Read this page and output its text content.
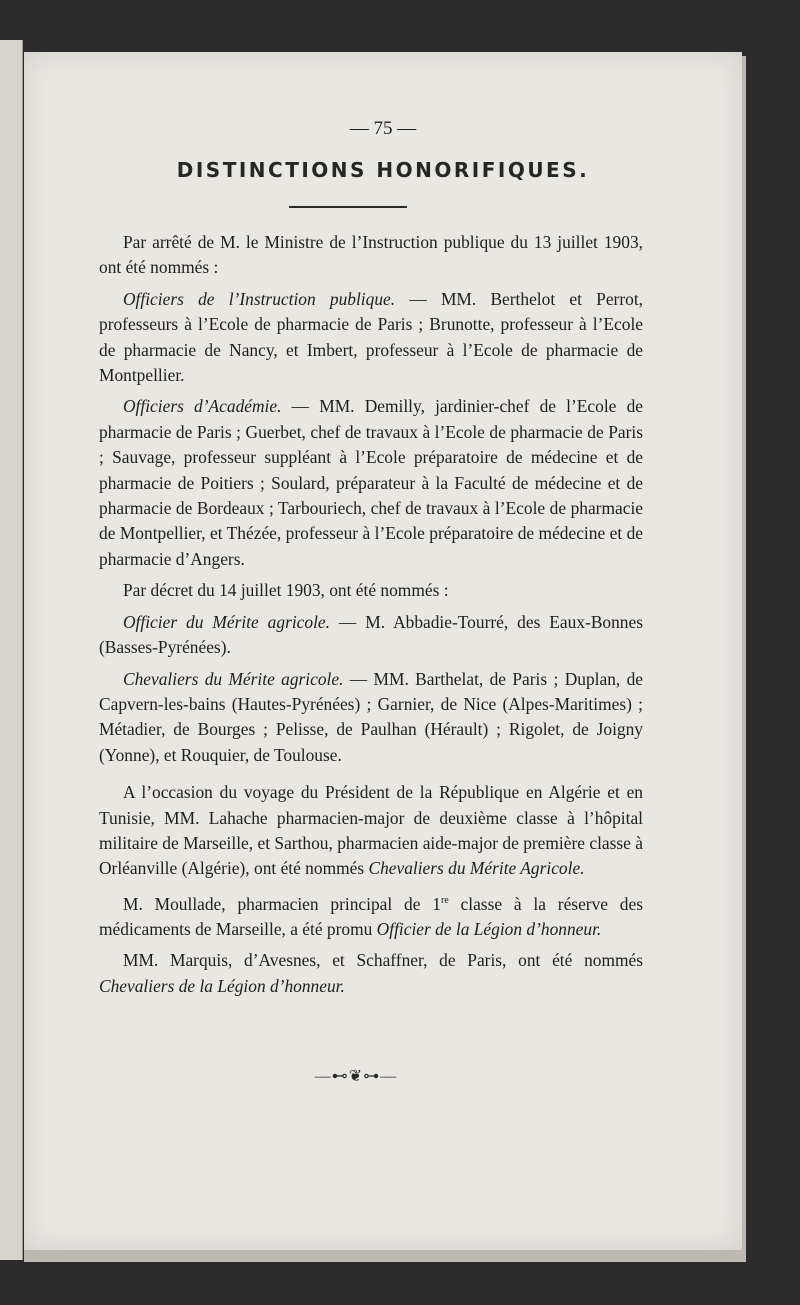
— 75 —
DISTINCTIONS HONORIFIQUES.

Par arrêté de M. le Ministre de l’Instruction publique du 13 juillet 1903, ont été nommés :

Officiers de l’Instruction publique. — MM. Berthelot et Perrot, professeurs à l’Ecole de pharmacie de Paris ; Brunotte, professeur à l’Ecole de pharmacie de Nancy, et Imbert, professeur à l’Ecole de pharmacie de Montpellier.

Officiers d’Académie. — MM. Demilly, jardinier-chef de l’Ecole de pharmacie de Paris ; Guerbet, chef de travaux à l’Ecole de pharmacie de Paris ; Sauvage, professeur suppléant à l’Ecole préparatoire de médecine et de pharmacie de Poitiers ; Soulard, préparateur à la Faculté de médecine et de pharmacie de Bordeaux ; Tarbouriech, chef de travaux à l’Ecole de pharmacie de Montpellier, et Thézée, professeur à l’Ecole préparatoire de médecine et de pharmacie d’Angers.

Par décret du 14 juillet 1903, ont été nommés :

Officier du Mérite agricole. — M. Abbadie-Tourré, des Eaux-Bonnes (Basses-Pyrénées).

Chevaliers du Mérite agricole. — MM. Barthelat, de Paris ; Duplan, de Capvern-les-bains (Hautes-Pyrénées) ; Garnier, de Nice (Alpes-Maritimes) ; Métadier, de Bourges ; Pelisse, de Paulhan (Hérault) ; Rigolet, de Joigny (Yonne), et Rouquier, de Toulouse.

A l’occasion du voyage du Président de la République en Algérie et en Tunisie, MM. Lahache pharmacien-major de deuxième classe à l’hôpital militaire de Marseille, et Sarthou, pharmacien aide-major de première classe à Orléanville (Algérie), ont été nommés Chevaliers du Mérite Agricole.

M. Moullade, pharmacien principal de 1re classe à la réserve des médicaments de Marseille, a été promu Officier de la Légion d’honneur.

MM. Marquis, d’Avesnes, et Schaffner, de Paris, ont été nommés Chevaliers de la Légion d’honneur.

—⊷❦⊶—
